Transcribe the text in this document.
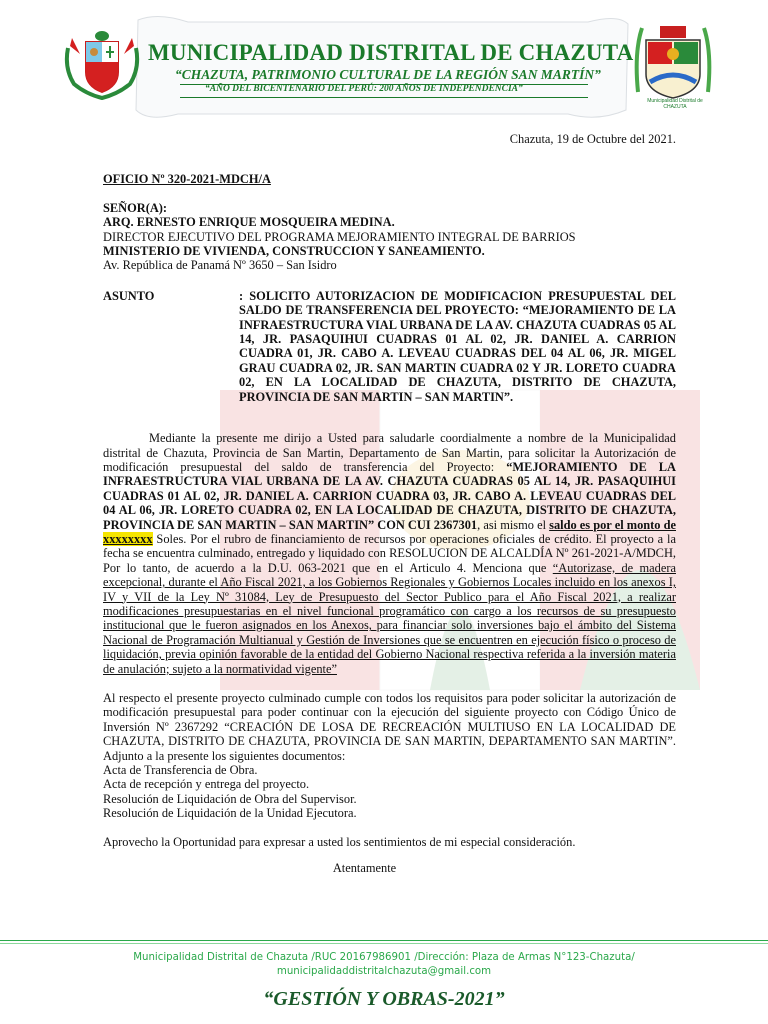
Municipalidad Distrital de CHAZUTA
MUNICIPALIDAD DISTRITAL DE CHAZUTA
“CHAZUTA, PATRIMONIO CULTURAL DE LA REGIÓN SAN MARTÍN”
“AÑO DEL BICENTENARIO DEL PERÚ: 200 AÑOS DE INDEPENDENCIA”
Chazuta, 19 de Octubre del 2021.
OFICIO Nº 320-2021-MDCH/A
SEÑOR(A):
ARQ. ERNESTO ENRIQUE MOSQUEIRA MEDINA.
DIRECTOR EJECUTIVO DEL PROGRAMA MEJORAMIENTO INTEGRAL DE BARRIOS
MINISTERIO DE VIVIENDA, CONSTRUCCION Y SANEAMIENTO.
Av. República de Panamá Nº 3650 – San Isidro
ASUNTO	: SOLICITO AUTORIZACION DE MODIFICACION PRESUPUESTAL DEL SALDO DE TRANSFERENCIA DEL PROYECTO: “MEJORAMIENTO DE LA INFRAESTRUCTURA VIAL URBANA DE LA AV. CHAZUTA CUADRAS 05 AL 14, JR. PASAQUIHUI CUADRAS 01 AL 02, JR. DANIEL A. CARRION CUADRA 01, JR. CABO A. LEVEAU CUADRAS DEL 04 AL 06, JR. MIGEL GRAU CUADRA 02, JR. SAN MARTIN CUADRA 02 Y JR. LORETO CUADRA 02, EN LA LOCALIDAD DE CHAZUTA, DISTRITO DE CHAZUTA, PROVINCIA DE SAN MARTIN – SAN MARTIN”.
Mediante la presente me dirijo a Usted para saludarle coordialmente a nombre de la Municipalidad distrital de Chazuta, Provincia de San Martin, Departamento de San Martin, para solicitar la Autorización de modificación presupuestal del saldo de transferencia del Proyecto: “MEJORAMIENTO DE LA INFRAESTRUCTURA VIAL URBANA DE LA AV. CHAZUTA CUADRAS 05 AL 14, JR. PASAQUIHUI CUADRAS 01 AL 02, JR. DANIEL A. CARRION CUADRA 03, JR. CABO A. LEVEAU CUADRAS DEL 04 AL 06, JR. LORETO CUADRA 02, EN LA LOCALIDAD DE CHAZUTA, DISTRITO DE CHAZUTA, PROVINCIA DE SAN MARTIN – SAN MARTIN” CON CUI 2367301, asi mismo el saldo es por el monto de xxxxxxxx Soles. Por el rubro de financiamiento de recursos por operaciones oficiales de crédito. El proyecto a la fecha se encuentra culminado, entregado y liquidado con RESOLUCION DE ALCALDÍA Nº 261-2021-A/MDCH, Por lo tanto, de acuerdo a la D.U. 063-2021 que en el Articulo 4. Menciona que “Autorizase, de madera excepcional, durante el Año Fiscal 2021, a los Gobiernos Regionales y Gobiernos Locales incluido en los anexos I, IV y VII de la Ley Nº 31084, Ley de Presupuesto del Sector Publico para el Año Fiscal 2021, a realizar modificaciones presupuestarias en el nivel funcional programático con cargo a los recursos de su presupuesto institucional que le fueron asignados en los Anexos, para financiar solo inversiones bajo el ámbito del Sistema Nacional de Programación Multianual y Gestión de Inversiones que se encuentren en ejecución físico o proceso de liquidación, previa opinión favorable de la entidad del Gobierno Nacional respectiva referida a la inversión materia de anulación; sujeto a la normatividad vigente”
Al respecto el presente proyecto culminado cumple con todos los requisitos para poder solicitar la autorización de modificación presupuestal para poder continuar con la ejecución del siguiente proyecto con Código Único de Inversión Nº 2367292 “CREACIÓN DE LOSA DE RECREACIÓN MULTIUSO EN LA LOCALIDAD DE CHAZUTA, DISTRITO DE CHAZUTA, PROVINCIA DE SAN MARTIN, DEPARTAMENTO SAN MARTIN”. Adjunto a la presente los siguientes documentos:
Acta de Transferencia de Obra.
Acta de recepción y entrega del proyecto.
Resolución de Liquidación de Obra del Supervisor.
Resolución de Liquidación de la Unidad Ejecutora.
Aprovecho la Oportunidad para expresar a usted los sentimientos de mi especial consideración.
Atentamente
Municipalidad Distrital de Chazuta /RUC 20167986901 /Dirección: Plaza de Armas N°123-Chazuta/
municipalidaddistritalchazuta@gmail.com
“GESTIÓN Y OBRAS-2021”
